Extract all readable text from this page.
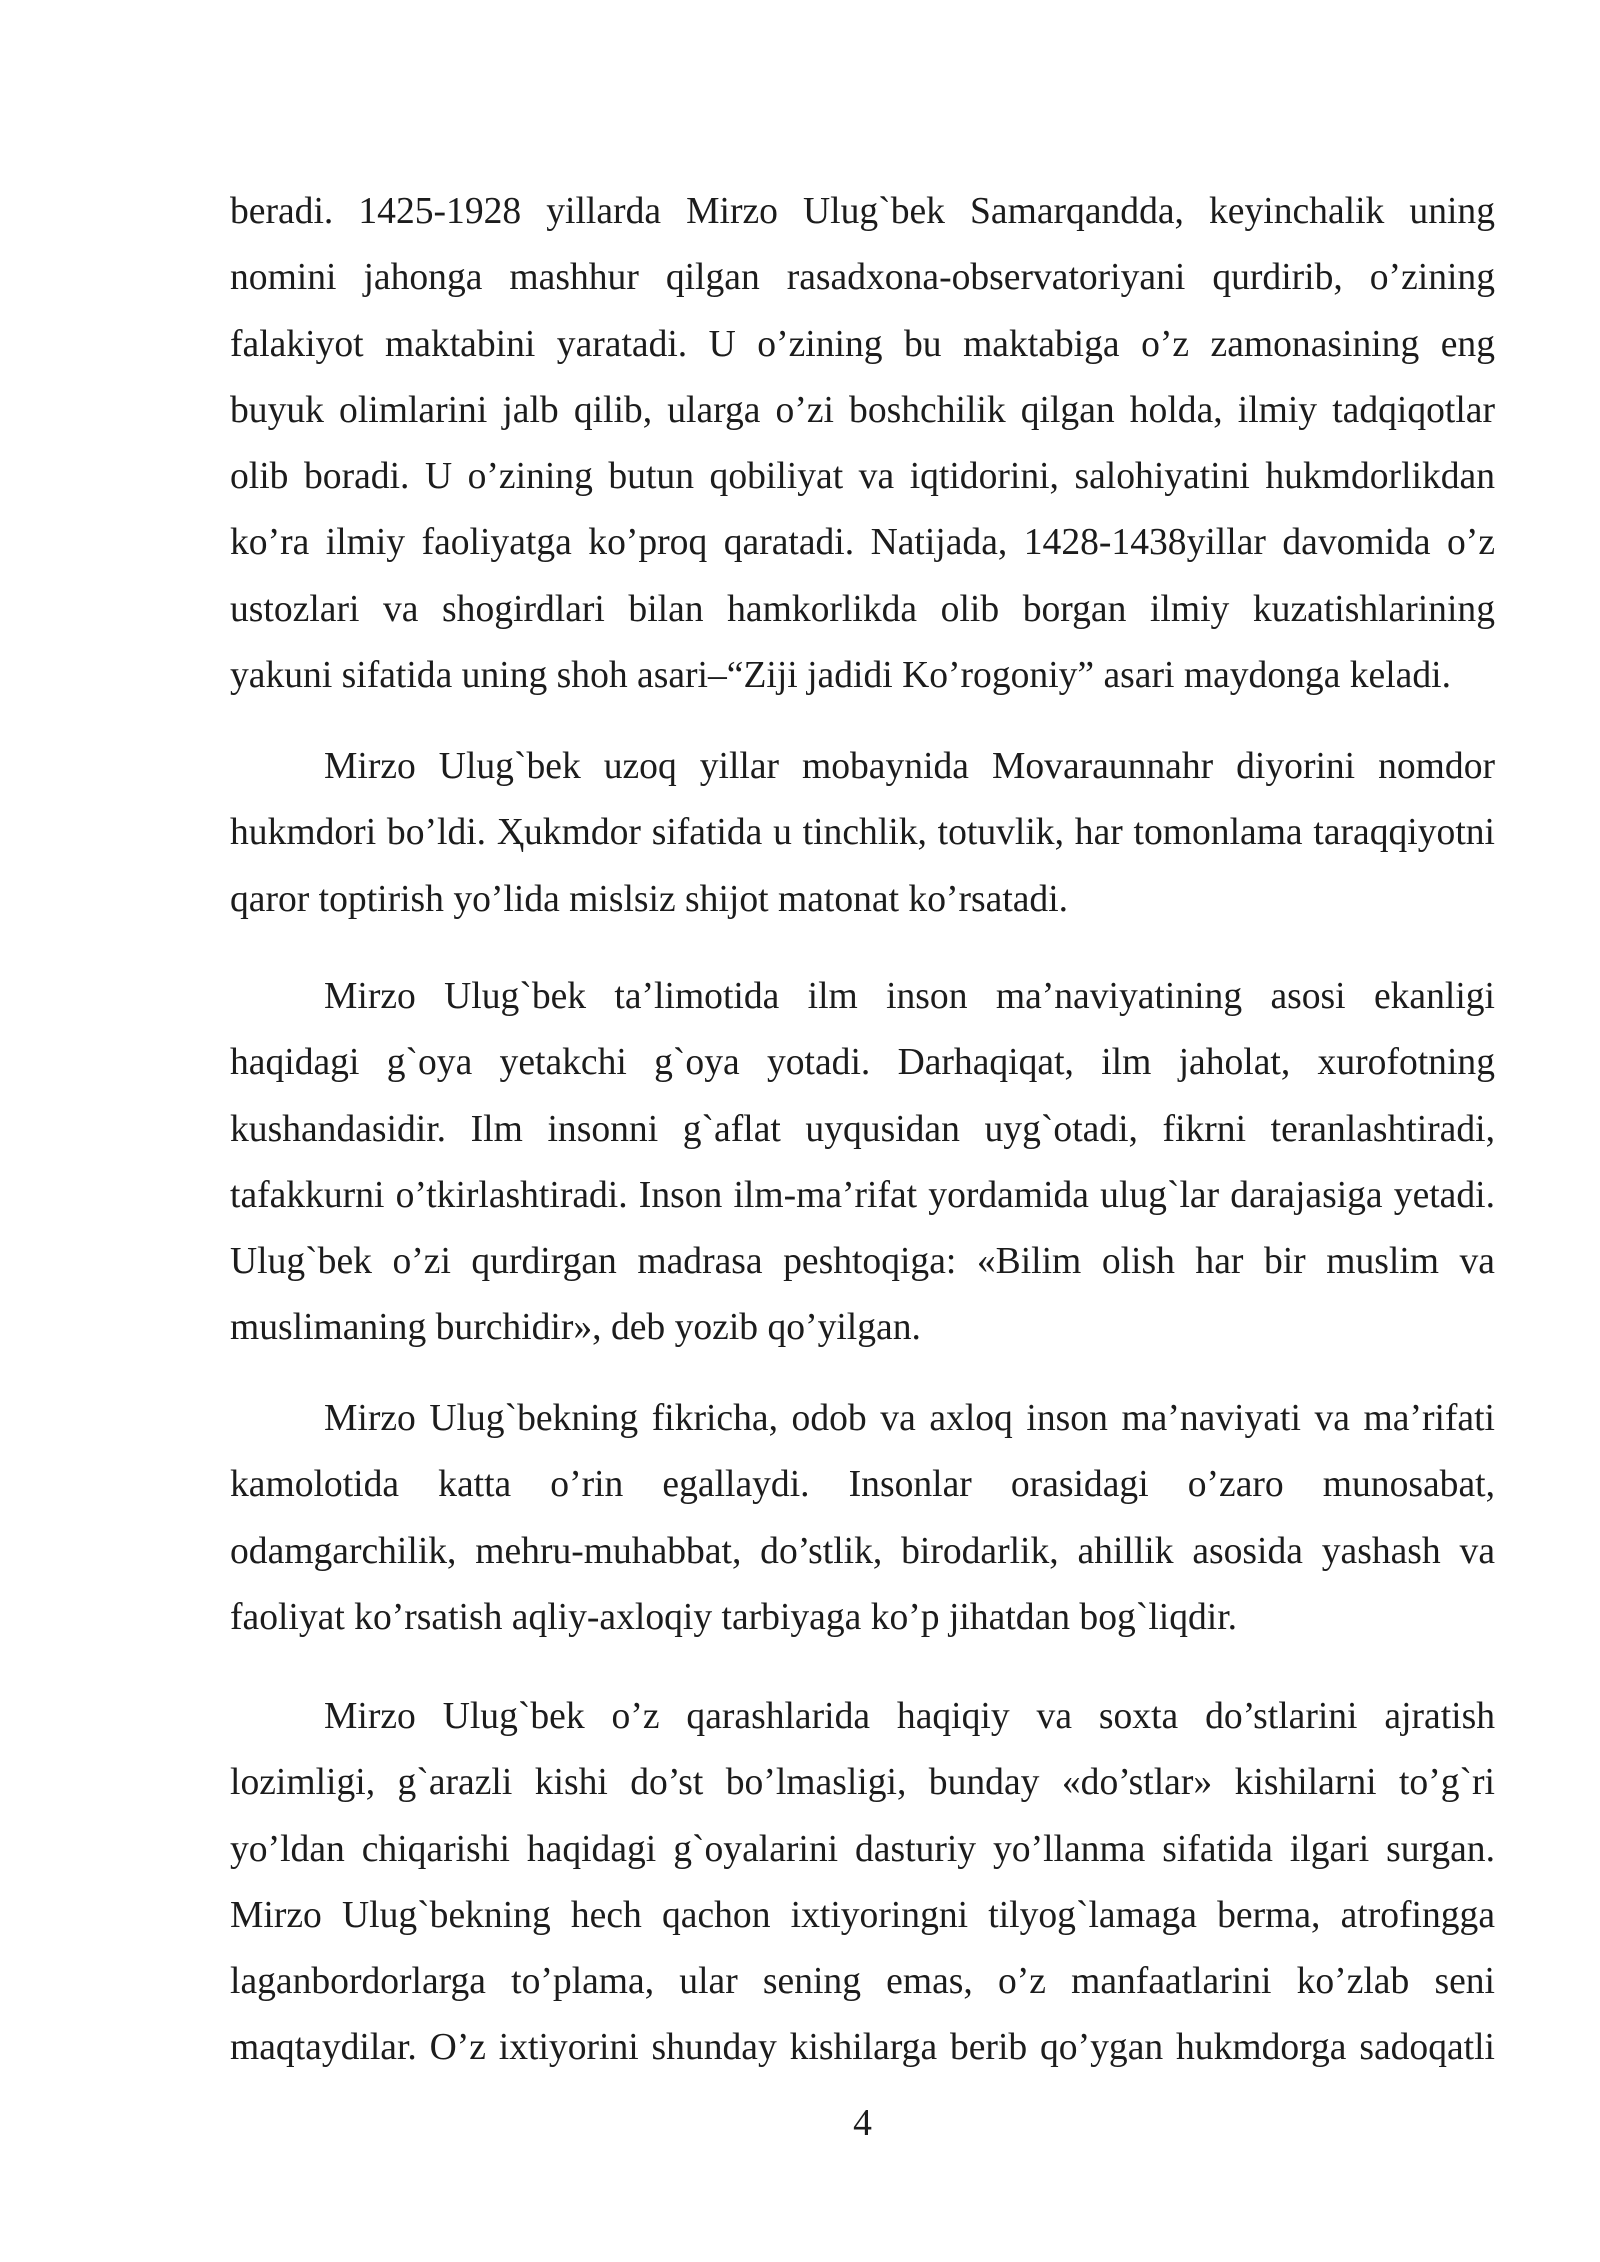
beradi. 1425-1928 yillarda Mirzo Ulug`bek Samarqandda, keyinchalik uning
nomini jahonga mashhur qilgan rasadxona-observatoriyani qurdirib, o’zining
falakiyot maktabini yaratadi. U o’zining bu maktabiga o’z zamonasining eng
buyuk olimlarini jalb qilib, ularga o’zi boshchilik qilgan holda, ilmiy tadqiqotlar
olib boradi. U o’zining butun qobiliyat va iqtidorini, salohiyatini hukmdorlikdan
ko’ra ilmiy faoliyatga ko’proq qaratadi. Natijada, 1428-1438yillar davomida o’z
ustozlari va shogirdlari bilan hamkorlikda olib borgan ilmiy kuzatishlarining
yakuni sifatida uning shoh asari–“Ziji jadidi Ko’rogoniy” asari maydonga keladi.
Mirzo Ulug`bek uzoq yillar mobaynida Movaraunnahr diyorini nomdor
hukmdori bo’ldi. Ҳukmdor sifatida u tinchlik, totuvlik, har tomonlama taraqqiyotni
qaror toptirish yo’lida mislsiz shijot matonat ko’rsatadi.
Mirzo Ulug`bek ta’limotida ilm inson ma’naviyatining asosi ekanligi
haqidagi g`oya yetakchi g`oya yotadi. Darhaqiqat, ilm jaholat, xurofotning
kushandasidir. Ilm insonni g`aflat uyqusidan uyg`otadi, fikrni teranlashtiradi,
tafakkurni o’tkirlashtiradi. Inson ilm-ma’rifat yordamida ulug`lar darajasiga yetadi.
Ulug`bek o’zi qurdirgan madrasa peshtoqiga: «Bilim olish har bir muslim va
muslimaning burchidir», deb yozib qo’yilgan.
Mirzo Ulug`bekning fikricha, odob va axloq inson ma’naviyati va ma’rifati
kamolotida katta o’rin egallaydi. Insonlar orasidagi o’zaro munosabat,
odamgarchilik, mehru-muhabbat, do’stlik, birodarlik, ahillik asosida yashash va
faoliyat ko’rsatish aqliy-axloqiy tarbiyaga ko’p jihatdan bog`liqdir.
Mirzo Ulug`bek o’z qarashlarida haqiqiy va soxta do’stlarini ajratish
lozimligi, g`arazli kishi do’st bo’lmasligi, bunday «do’stlar» kishilarni to’g`ri
yo’ldan chiqarishi haqidagi g`oyalarini dasturiy yo’llanma sifatida ilgari surgan.
Mirzo Ulug`bekning hech qachon ixtiyoringni tilyog`lamaga berma, atrofingga
laganbordorlarga to’plama, ular sening emas, o’z manfaatlarini ko’zlab seni
maqtaydilar. O’z ixtiyorini shunday kishilarga berib qo’ygan hukmdorga sadoqatli
4
